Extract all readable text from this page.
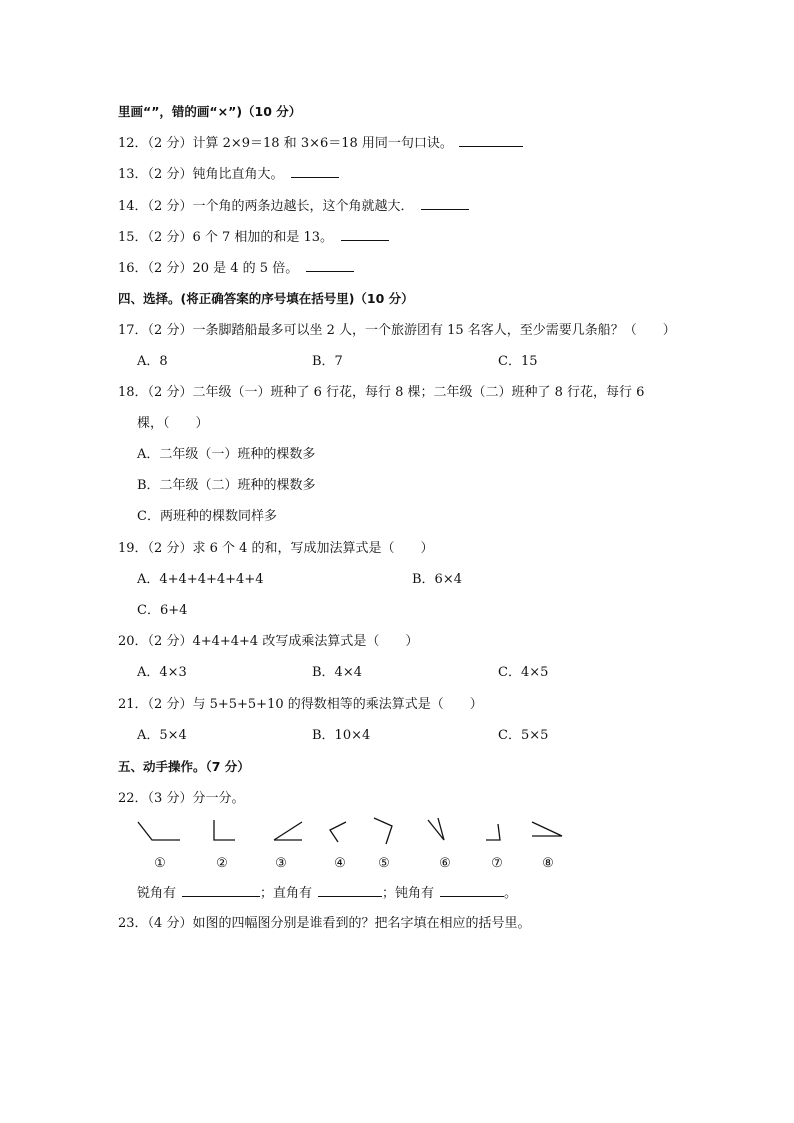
里画“”，错的画“×”)（10 分）
12．（2 分）计算 2×9＝18 和 3×6＝18 用同一句口诀。
13．（2 分）钝角比直角大。
14．（2 分）一个角的两条边越长，这个角就越大．
15．（2 分）6 个 7 相加的和是 13。
16．（2 分）20 是 4 的 5 倍。
四、选择。(将正确答案的序号填在括号里)（10 分）
17．（2 分）一条脚踏船最多可以坐 2 人，一个旅游团有 15 名客人，至少需要几条船？（　　）
A．8	B．7	C．15
18．（2 分）二年级（一）班种了 6 行花，每行 8 棵；二年级（二）班种了 8 行花，每行 6
棵，（　　）
A．二年级（一）班种的棵数多
B．二年级（二）班种的棵数多
C．两班种的棵数同样多
19．（2 分）求 6 个 4 的和，写成加法算式是（　　）
A．4+4+4+4+4+4	B．6×4
C．6+4
20．（2 分）4+4+4+4 改写成乘法算式是（　　）
A．4×3	B．4×4	C．4×5
21．（2 分）与 5+5+5+10 的得数相等的乘法算式是（　　）
A．5×4	B．10×4	C．5×5
五、动手操作。（7 分）
22．（3 分）分一分。
①	②	③	④ ⑤	⑥	⑦	⑧
锐角有	；直角有	；钝角有	。
23．（4 分）如图的四幅图分别是谁看到的？把名字填在相应的括号里。
